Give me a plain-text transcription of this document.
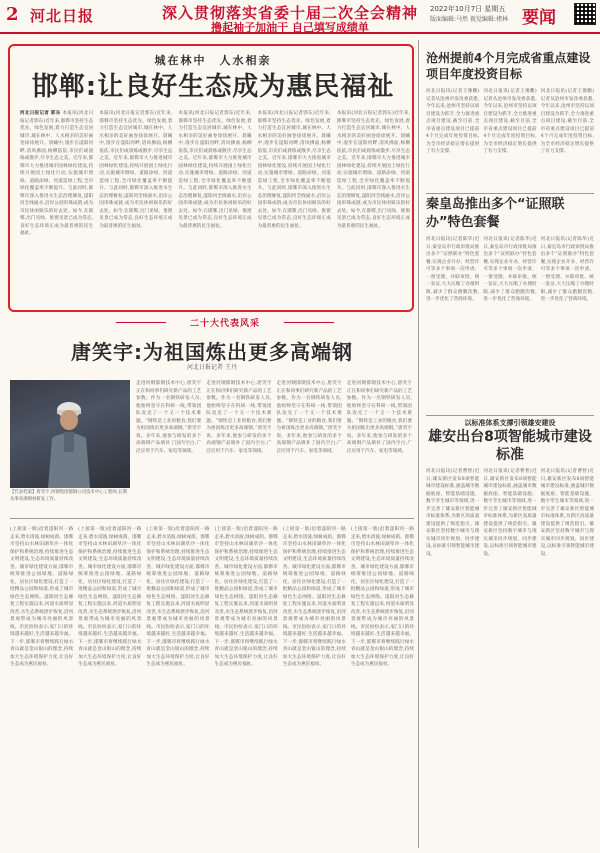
2 河北日报	深入贯彻落实省委十届二次全会精神
撸起袖子加油干 自己填写成绩单
2022年10月7日 星期五
版面编辑:马然 视觉编辑:褚林 要闻
城在林中　人水相亲
邯郸:让良好生态成为惠民福祉
河北日报记者 郭东 本报讯(河北日报记者郭东)近年来,邯郸市坚持生态优先、绿色发展,着力打造生态宜居城市,城在林中、人水相亲的美好画卷徐徐展开。晨曦中,漫步在滏阳河畔,清风拂面,杨柳依依,市民们或晨练或散步,尽享生态之美。近年来,邯郸市大力推进城市园林绿化建设,持续开展国土绿化行动,实施城市增绿、道路添绿、河道造绿工程,全市绿化覆盖率不断提升。与此同时,邯郸市深入推进水生态治理修复,滏阳河全线通水,沿岸公园串珠成链,成为市民休闲娱乐的好去处。如今,在邯郸,出门见绿、推窗见景已成为常态,良好生态环境正成为最普惠的民生福祉。
本报讯(河北日报记者郭东)近年来,邯郸市坚持生态优先、绿色发展,着力打造生态宜居城市,城在林中、人水相亲的美好画卷徐徐展开。晨曦中,漫步在滏阳河畔,清风拂面,杨柳依依,市民们或晨练或散步,尽享生态之美。近年来,邯郸市大力推进城市园林绿化建设,持续开展国土绿化行动,实施城市增绿、道路添绿、河道造绿工程,全市绿化覆盖率不断提升。与此同时,邯郸市深入推进水生态治理修复,滏阳河全线通水,沿岸公园串珠成链,成为市民休闲娱乐的好去处。如今,在邯郸,出门见绿、推窗见景已成为常态,良好生态环境正成为最普惠的民生福祉。
本报讯(河北日报记者郭东)近年来,邯郸市坚持生态优先、绿色发展,着力打造生态宜居城市,城在林中、人水相亲的美好画卷徐徐展开。晨曦中,漫步在滏阳河畔,清风拂面,杨柳依依,市民们或晨练或散步,尽享生态之美。近年来,邯郸市大力推进城市园林绿化建设,持续开展国土绿化行动,实施城市增绿、道路添绿、河道造绿工程,全市绿化覆盖率不断提升。与此同时,邯郸市深入推进水生态治理修复,滏阳河全线通水,沿岸公园串珠成链,成为市民休闲娱乐的好去处。如今,在邯郸,出门见绿、推窗见景已成为常态,良好生态环境正成为最普惠的民生福祉。
本报讯(河北日报记者郭东)近年来,邯郸市坚持生态优先、绿色发展,着力打造生态宜居城市,城在林中、人水相亲的美好画卷徐徐展开。晨曦中,漫步在滏阳河畔,清风拂面,杨柳依依,市民们或晨练或散步,尽享生态之美。近年来,邯郸市大力推进城市园林绿化建设,持续开展国土绿化行动,实施城市增绿、道路添绿、河道造绿工程,全市绿化覆盖率不断提升。与此同时,邯郸市深入推进水生态治理修复,滏阳河全线通水,沿岸公园串珠成链,成为市民休闲娱乐的好去处。如今,在邯郸,出门见绿、推窗见景已成为常态,良好生态环境正成为最普惠的民生福祉。
本报讯(河北日报记者郭东)近年来,邯郸市坚持生态优先、绿色发展,着力打造生态宜居城市,城在林中、人水相亲的美好画卷徐徐展开。晨曦中,漫步在滏阳河畔,清风拂面,杨柳依依,市民们或晨练或散步,尽享生态之美。近年来,邯郸市大力推进城市园林绿化建设,持续开展国土绿化行动,实施城市增绿、道路添绿、河道造绿工程,全市绿化覆盖率不断提升。与此同时,邯郸市深入推进水生态治理修复,滏阳河全线通水,沿岸公园串珠成链,成为市民休闲娱乐的好去处。如今,在邯郸,出门见绿、推窗见景已成为常态,良好生态环境正成为最普惠的民生福祉。
沧州提前4个月完成省重点建设项目年度投资目标
河北日报讯(记者王豫鹏)记者从沧州市发改委获悉,今年以来,沧州市坚持以项目建设为抓手,全力推进重点项目建设,截至目前,全市省重点建设项目已提前4个月完成年度投资目标,为全市经济稳定增长提供了有力支撑。
河北日报讯(记者王豫鹏)记者从沧州市发改委获悉,今年以来,沧州市坚持以项目建设为抓手,全力推进重点项目建设,截至目前,全市省重点建设项目已提前4个月完成年度投资目标,为全市经济稳定增长提供了有力支撑。
河北日报讯(记者王豫鹏)记者从沧州市发改委获悉,今年以来,沧州市坚持以项目建设为抓手,全力推进重点项目建设,截至目前,全市省重点建设项目已提前4个月完成年度投资目标,为全市经济稳定增长提供了有力支撑。
秦皇岛推出多个“证照联办”特色套餐
河北日报讯(记者陈华)近日,秦皇岛市行政审批局推出多个“证照联办”特色套餐,实现企业开办、经营许可等多个事项一次申请、一窗受理、并联审批、统一发证,大大压缩了办理时限,减少了群众跑腿次数,进一步优化了营商环境。
河北日报讯(记者陈华)近日,秦皇岛市行政审批局推出多个“证照联办”特色套餐,实现企业开办、经营许可等多个事项一次申请、一窗受理、并联审批、统一发证,大大压缩了办理时限,减少了群众跑腿次数,进一步优化了营商环境。
河北日报讯(记者陈华)近日,秦皇岛市行政审批局推出多个“证照联办”特色套餐,实现企业开办、经营许可等多个事项一次申请、一窗受理、并联审批、统一发证,大大压缩了办理时限,减少了群众跑腿次数,进一步优化了营商环境。
以标准体系支撑引领雄安建设
雄安出台8项智能城市建设标准
河北日报讯(记者曹智)近日,雄安新区发布8项智能城市建设标准,涵盖城市数据底座、智能基础设施、数字孪生城市等领域,进一步完善了雄安新区智能城市标准体系,为新区高质量建设提供了规范指引。雄安新区坚持数字城市与现实城市同步规划、同步建设,以标准引领智能城市建设。
河北日报讯(记者曹智)近日,雄安新区发布8项智能城市建设标准,涵盖城市数据底座、智能基础设施、数字孪生城市等领域,进一步完善了雄安新区智能城市标准体系,为新区高质量建设提供了规范指引。雄安新区坚持数字城市与现实城市同步规划、同步建设,以标准引领智能城市建设。
河北日报讯(记者曹智)近日,雄安新区发布8项智能城市建设标准,涵盖城市数据底座、智能基础设施、数字孪生城市等领域,进一步完善了雄安新区智能城市标准体系,为新区高质量建设提供了规范指引。雄安新区坚持数字城市与现实城市同步规划、同步建设,以标准引领智能城市建设。
二十大代表风采
唐笑宇:为祖国炼出更多高端钢
河北日报记者 王丹
【代表档案】唐笑宇,河钢集团邯钢公司技术中心工程师,长期从事高端钢材研发工作。
走进河钢邯钢技术中心,唐笑宇正在和同事们研究新产品的工艺参数。作为一名钢铁研发人员,他始终坚守在科研一线,带领团队攻克了一个又一个技术难题。“钢铁是工业的粮食,我们要为祖国炼出更多高端钢。”唐笑宇说。多年来,他参与研发的多个高端钢产品填补了国内空白,广泛应用于汽车、家电等领域。
走进河钢邯钢技术中心,唐笑宇正在和同事们研究新产品的工艺参数。作为一名钢铁研发人员,他始终坚守在科研一线,带领团队攻克了一个又一个技术难题。“钢铁是工业的粮食,我们要为祖国炼出更多高端钢。”唐笑宇说。多年来,他参与研发的多个高端钢产品填补了国内空白,广泛应用于汽车、家电等领域。
走进河钢邯钢技术中心,唐笑宇正在和同事们研究新产品的工艺参数。作为一名钢铁研发人员,他始终坚守在科研一线,带领团队攻克了一个又一个技术难题。“钢铁是工业的粮食,我们要为祖国炼出更多高端钢。”唐笑宇说。多年来,他参与研发的多个高端钢产品填补了国内空白,广泛应用于汽车、家电等领域。
走进河钢邯钢技术中心,唐笑宇正在和同事们研究新产品的工艺参数。作为一名钢铁研发人员,他始终坚守在科研一线,带领团队攻克了一个又一个技术难题。“钢铁是工业的粮食,我们要为祖国炼出更多高端钢。”唐笑宇说。多年来,他参与研发的多个高端钢产品填补了国内空白,广泛应用于汽车、家电等领域。
(上接第一版)沿着滏阳河一路走来,碧水清波,绿树成荫。邯郸市坚持山水林田湖草沙一体化保护和系统治理,持续推进生态文明建设,生态环境质量持续改善。城市绿化建设方面,邯郸市统筹推进公园绿地、道路绿化、居住区绿化建设,打造了一批精品公园和绿道,形成了城市绿色生态网络。滏阳河生态修复工程实施以来,河道水质明显改善,水生态系统逐步恢复,沿河景观带成为城市亮丽的风景线。市民纷纷表示,家门口的环境越来越好,生活越来越幸福。下一步,邯郸市将继续践行绿水青山就是金山银山的理念,持续加大生态环境保护力度,让良好生态成为惠民福祉。
(上接第一版)沿着滏阳河一路走来,碧水清波,绿树成荫。邯郸市坚持山水林田湖草沙一体化保护和系统治理,持续推进生态文明建设,生态环境质量持续改善。城市绿化建设方面,邯郸市统筹推进公园绿地、道路绿化、居住区绿化建设,打造了一批精品公园和绿道,形成了城市绿色生态网络。滏阳河生态修复工程实施以来,河道水质明显改善,水生态系统逐步恢复,沿河景观带成为城市亮丽的风景线。市民纷纷表示,家门口的环境越来越好,生活越来越幸福。下一步,邯郸市将继续践行绿水青山就是金山银山的理念,持续加大生态环境保护力度,让良好生态成为惠民福祉。
(上接第一版)沿着滏阳河一路走来,碧水清波,绿树成荫。邯郸市坚持山水林田湖草沙一体化保护和系统治理,持续推进生态文明建设,生态环境质量持续改善。城市绿化建设方面,邯郸市统筹推进公园绿地、道路绿化、居住区绿化建设,打造了一批精品公园和绿道,形成了城市绿色生态网络。滏阳河生态修复工程实施以来,河道水质明显改善,水生态系统逐步恢复,沿河景观带成为城市亮丽的风景线。市民纷纷表示,家门口的环境越来越好,生活越来越幸福。下一步,邯郸市将继续践行绿水青山就是金山银山的理念,持续加大生态环境保护力度,让良好生态成为惠民福祉。
(上接第一版)沿着滏阳河一路走来,碧水清波,绿树成荫。邯郸市坚持山水林田湖草沙一体化保护和系统治理,持续推进生态文明建设,生态环境质量持续改善。城市绿化建设方面,邯郸市统筹推进公园绿地、道路绿化、居住区绿化建设,打造了一批精品公园和绿道,形成了城市绿色生态网络。滏阳河生态修复工程实施以来,河道水质明显改善,水生态系统逐步恢复,沿河景观带成为城市亮丽的风景线。市民纷纷表示,家门口的环境越来越好,生活越来越幸福。下一步,邯郸市将继续践行绿水青山就是金山银山的理念,持续加大生态环境保护力度,让良好生态成为惠民福祉。
(上接第一版)沿着滏阳河一路走来,碧水清波,绿树成荫。邯郸市坚持山水林田湖草沙一体化保护和系统治理,持续推进生态文明建设,生态环境质量持续改善。城市绿化建设方面,邯郸市统筹推进公园绿地、道路绿化、居住区绿化建设,打造了一批精品公园和绿道,形成了城市绿色生态网络。滏阳河生态修复工程实施以来,河道水质明显改善,水生态系统逐步恢复,沿河景观带成为城市亮丽的风景线。市民纷纷表示,家门口的环境越来越好,生活越来越幸福。下一步,邯郸市将继续践行绿水青山就是金山银山的理念,持续加大生态环境保护力度,让良好生态成为惠民福祉。
(上接第一版)沿着滏阳河一路走来,碧水清波,绿树成荫。邯郸市坚持山水林田湖草沙一体化保护和系统治理,持续推进生态文明建设,生态环境质量持续改善。城市绿化建设方面,邯郸市统筹推进公园绿地、道路绿化、居住区绿化建设,打造了一批精品公园和绿道,形成了城市绿色生态网络。滏阳河生态修复工程实施以来,河道水质明显改善,水生态系统逐步恢复,沿河景观带成为城市亮丽的风景线。市民纷纷表示,家门口的环境越来越好,生活越来越幸福。下一步,邯郸市将继续践行绿水青山就是金山银山的理念,持续加大生态环境保护力度,让良好生态成为惠民福祉。
